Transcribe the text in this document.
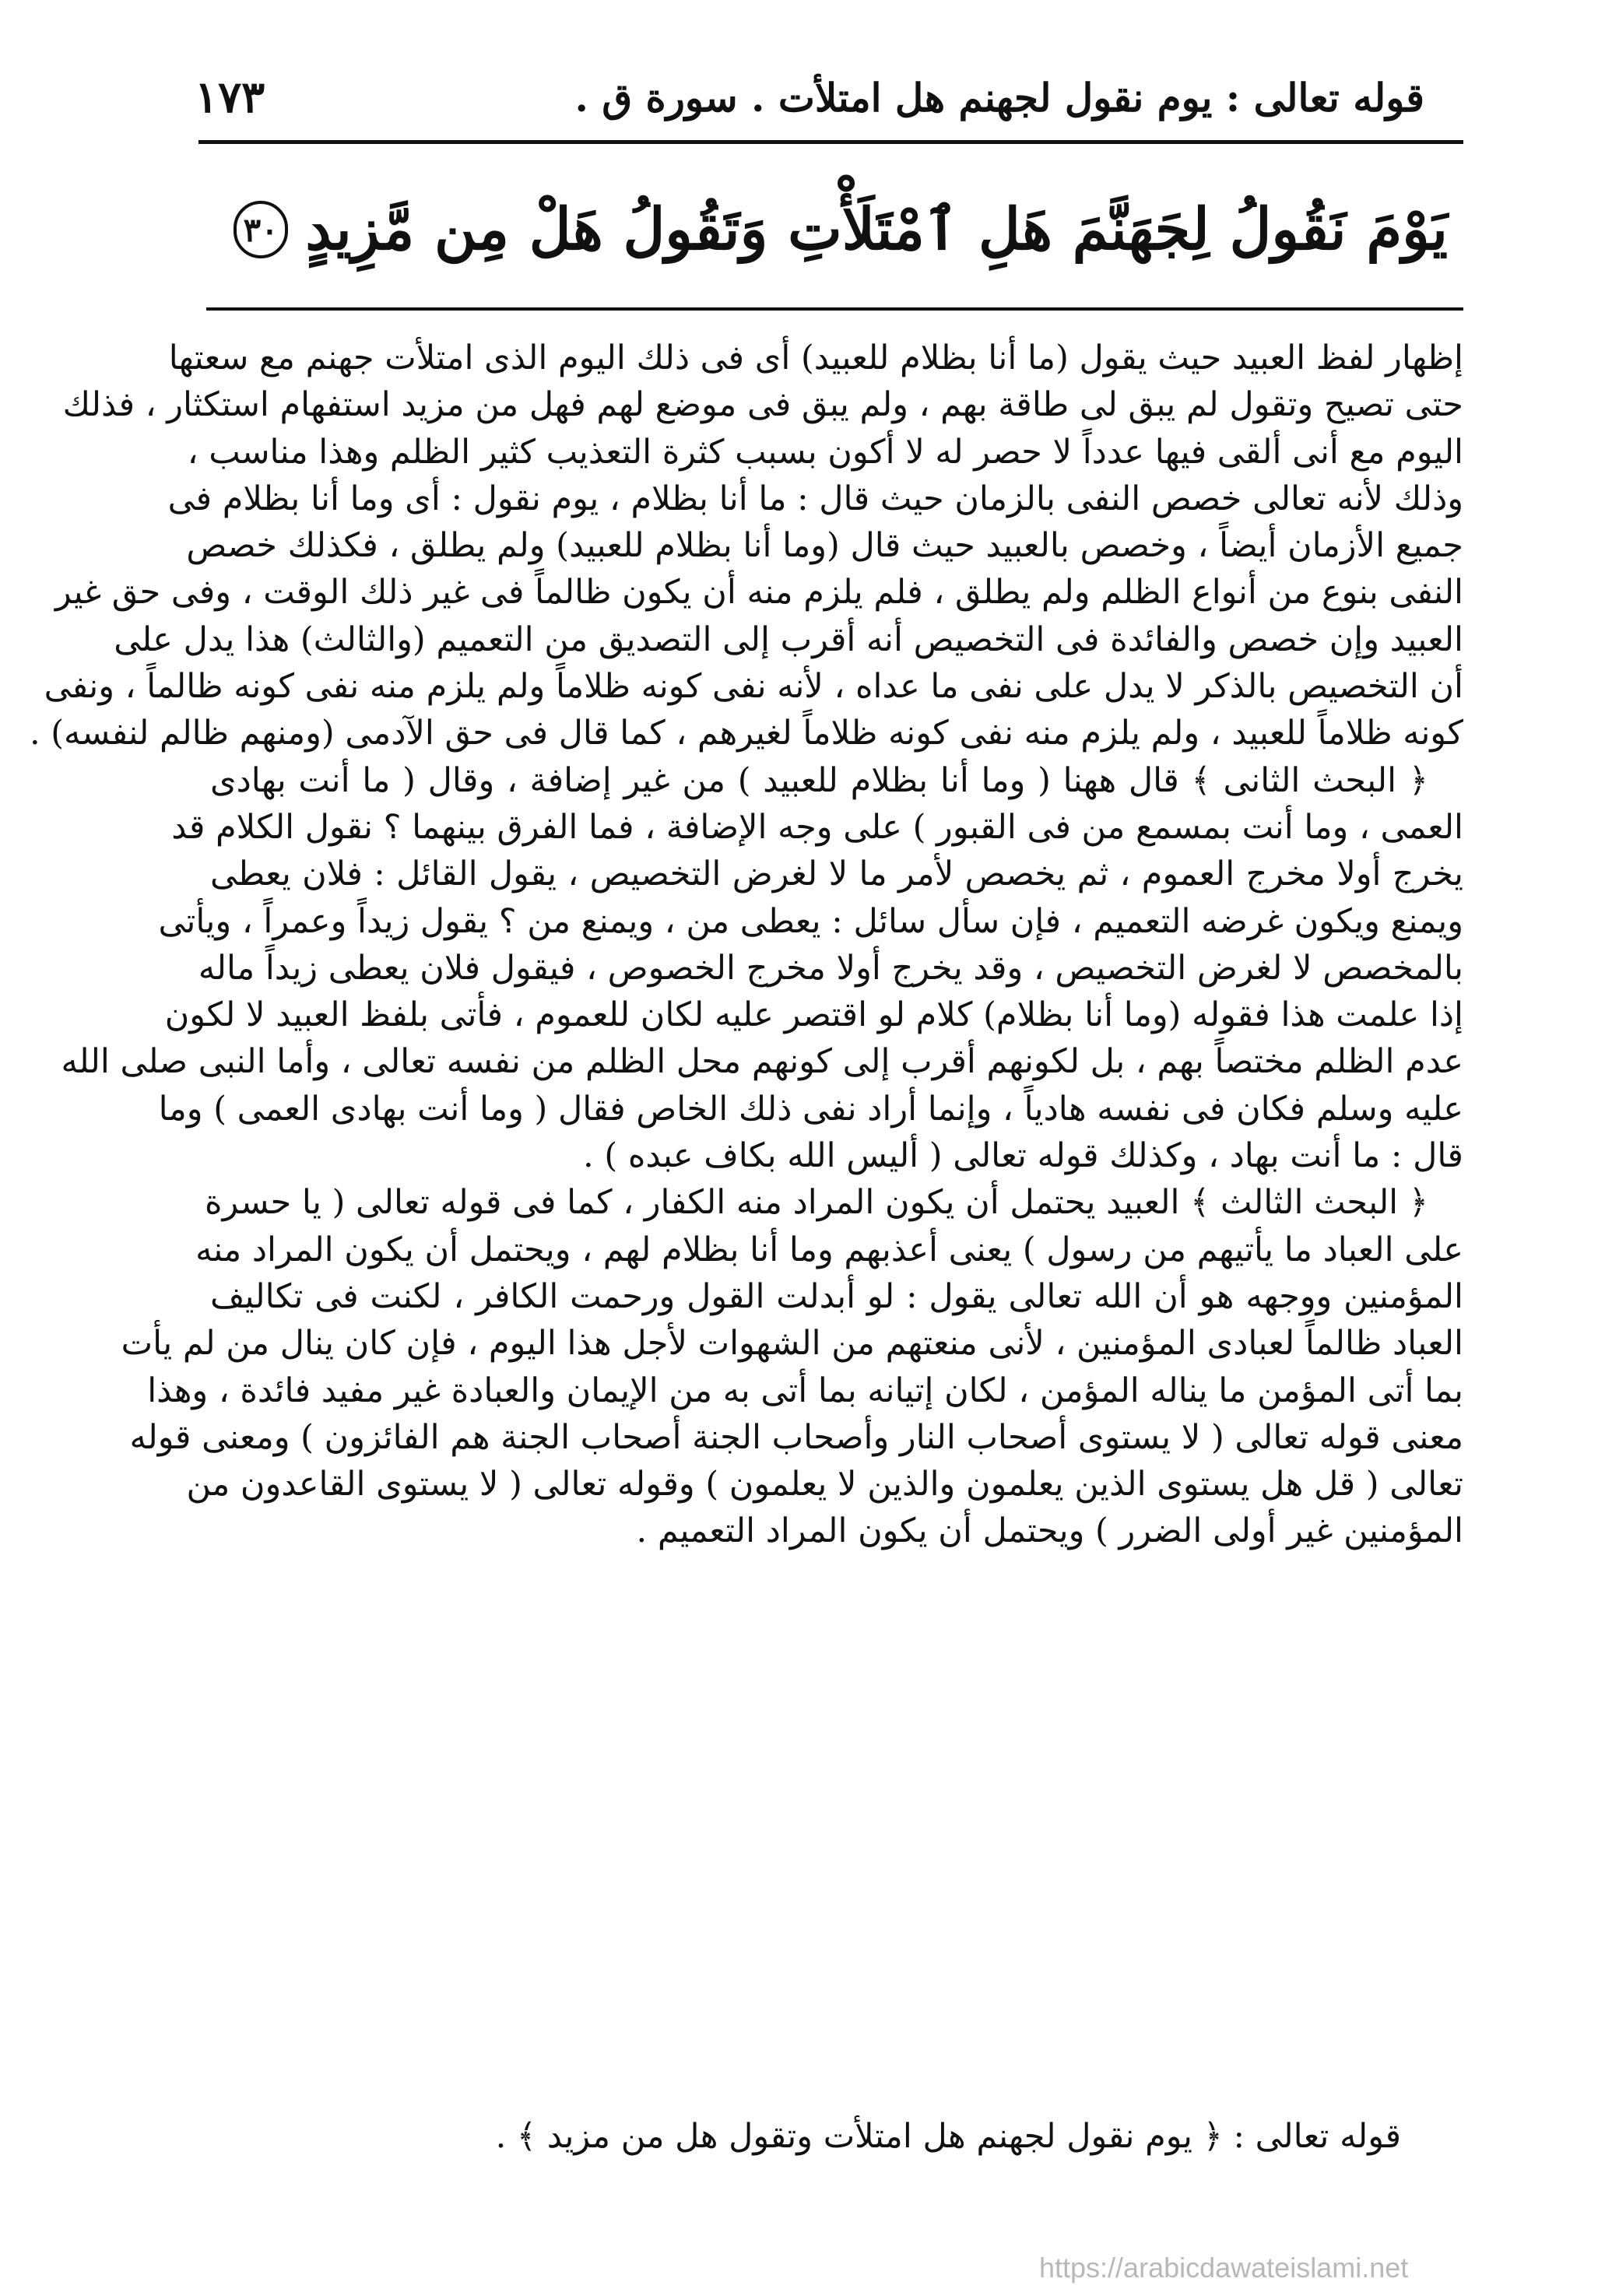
قوله تعالى : يوم نقول لجهنم هل امتلأت . سورة ق .
١٧٣
يَوْمَ نَقُولُ لِجَهَنَّمَ هَلِ ٱمْتَلَأْتِ وَتَقُولُ هَلْ مِن مَّزِيدٍ
٣٠
إظهار لفظ العبيد حيث يقول (ما أنا بظلام للعبيد) أى فى ذلك اليوم الذى امتلأت جهنم مع سعتها
حتى تصيح وتقول لم يبق لى طاقة بهم ، ولم يبق فى موضع لهم فهل من مزيد استفهام استكثار ، فذلك
اليوم مع أنى ألقى فيها عدداً لا حصر له لا أكون بسبب كثرة التعذيب كثير الظلم وهذا مناسب ،
وذلك لأنه تعالى خصص النفى بالزمان حيث قال : ما أنا بظلام ، يوم نقول : أى وما أنا بظلام فى
جميع الأزمان أيضاً ، وخصص بالعبيد حيث قال (وما أنا بظلام للعبيد) ولم يطلق ، فكذلك خصص
النفى بنوع من أنواع الظلم ولم يطلق ، فلم يلزم منه أن يكون ظالماً فى غير ذلك الوقت ، وفى حق غير
العبيد وإن خصص والفائدة فى التخصيص أنه أقرب إلى التصديق من التعميم (والثالث) هذا يدل على
أن التخصيص بالذكر لا يدل على نفى ما عداه ، لأنه نفى كونه ظلاماً ولم يلزم منه نفى كونه ظالماً ، ونفى
كونه ظلاماً للعبيد ، ولم يلزم منه نفى كونه ظلاماً لغيرهم ، كما قال فى حق الآدمى (ومنهم ظالم لنفسه) .
﴿ البحث الثانى ﴾ قال ههنا ( وما أنا بظلام للعبيد ) من غير إضافة ، وقال ( ما أنت بهادى
العمى ، وما أنت بمسمع من فى القبور ) على وجه الإضافة ، فما الفرق بينهما ؟ نقول الكلام قد
يخرج أولا مخرج العموم ، ثم يخصص لأمر ما لا لغرض التخصيص ، يقول القائل : فلان يعطى
ويمنع ويكون غرضه التعميم ، فإن سأل سائل : يعطى من ، ويمنع من ؟ يقول زيداً وعمراً ، ويأتى
بالمخصص لا لغرض التخصيص ، وقد يخرج أولا مخرج الخصوص ، فيقول فلان يعطى زيداً ماله
إذا علمت هذا فقوله (وما أنا بظلام) كلام لو اقتصر عليه لكان للعموم ، فأتى بلفظ العبيد لا لكون
عدم الظلم مختصاً بهم ، بل لكونهم أقرب إلى كونهم محل الظلم من نفسه تعالى ، وأما النبى صلى الله
عليه وسلم فكان فى نفسه هادياً ، وإنما أراد نفى ذلك الخاص فقال ( وما أنت بهادى العمى ) وما
قال : ما أنت بهاد ، وكذلك قوله تعالى ( أليس الله بكاف عبده ) .
﴿ البحث الثالث ﴾ العبيد يحتمل أن يكون المراد منه الكفار ، كما فى قوله تعالى ( يا حسرة
على العباد ما يأتيهم من رسول ) يعنى أعذبهم وما أنا بظلام لهم ، ويحتمل أن يكون المراد منه
المؤمنين ووجهه هو أن الله تعالى يقول : لو أبدلت القول ورحمت الكافر ، لكنت فى تكاليف
العباد ظالماً لعبادى المؤمنين ، لأنى منعتهم من الشهوات لأجل هذا اليوم ، فإن كان ينال من لم يأت
بما أتى المؤمن ما يناله المؤمن ، لكان إتيانه بما أتى به من الإيمان والعبادة غير مفيد فائدة ، وهذا
معنى قوله تعالى ( لا يستوى أصحاب النار وأصحاب الجنة أصحاب الجنة هم الفائزون ) ومعنى قوله
تعالى ( قل هل يستوى الذين يعلمون والذين لا يعلمون ) وقوله تعالى ( لا يستوى القاعدون من
المؤمنين غير أولى الضرر ) ويحتمل أن يكون المراد التعميم .
قوله تعالى : ﴿ يوم نقول لجهنم هل امتلأت وتقول هل من مزيد ﴾ .
https://arabicdawateislami.net
